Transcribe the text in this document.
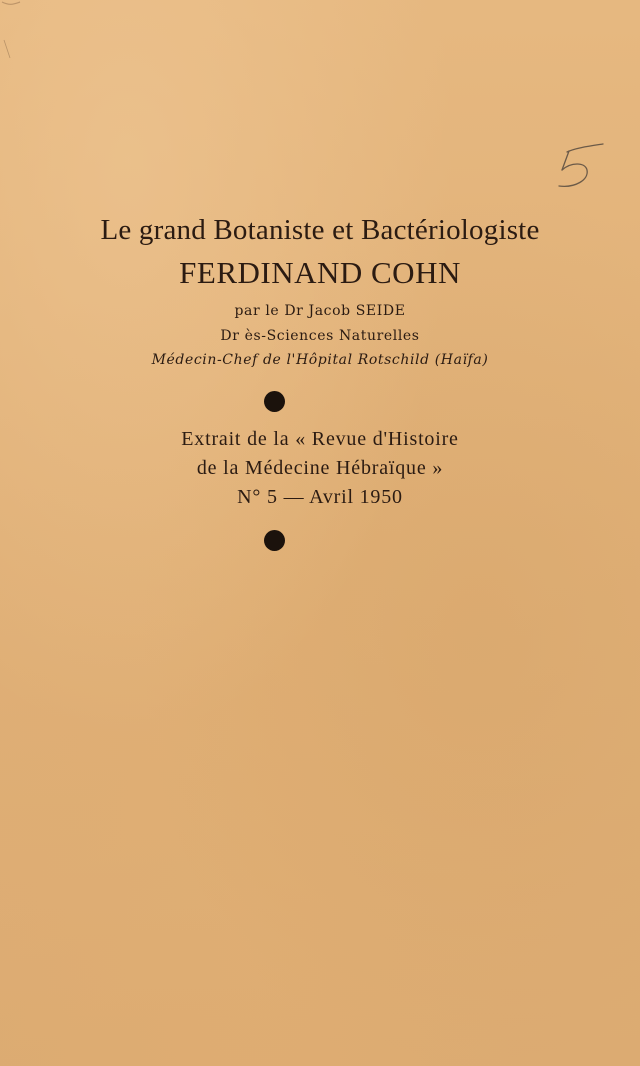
Le grand Botaniste et Bactériologiste
FERDINAND COHN
par le Dr Jacob SEIDE
Dr ès-Sciences Naturelles
Médecin-Chef de l'Hôpital Rotschild (Haïfa)
Extrait de la « Revue d'Histoire
de la Médecine Hébraïque »
N° 5 — Avril 1950
